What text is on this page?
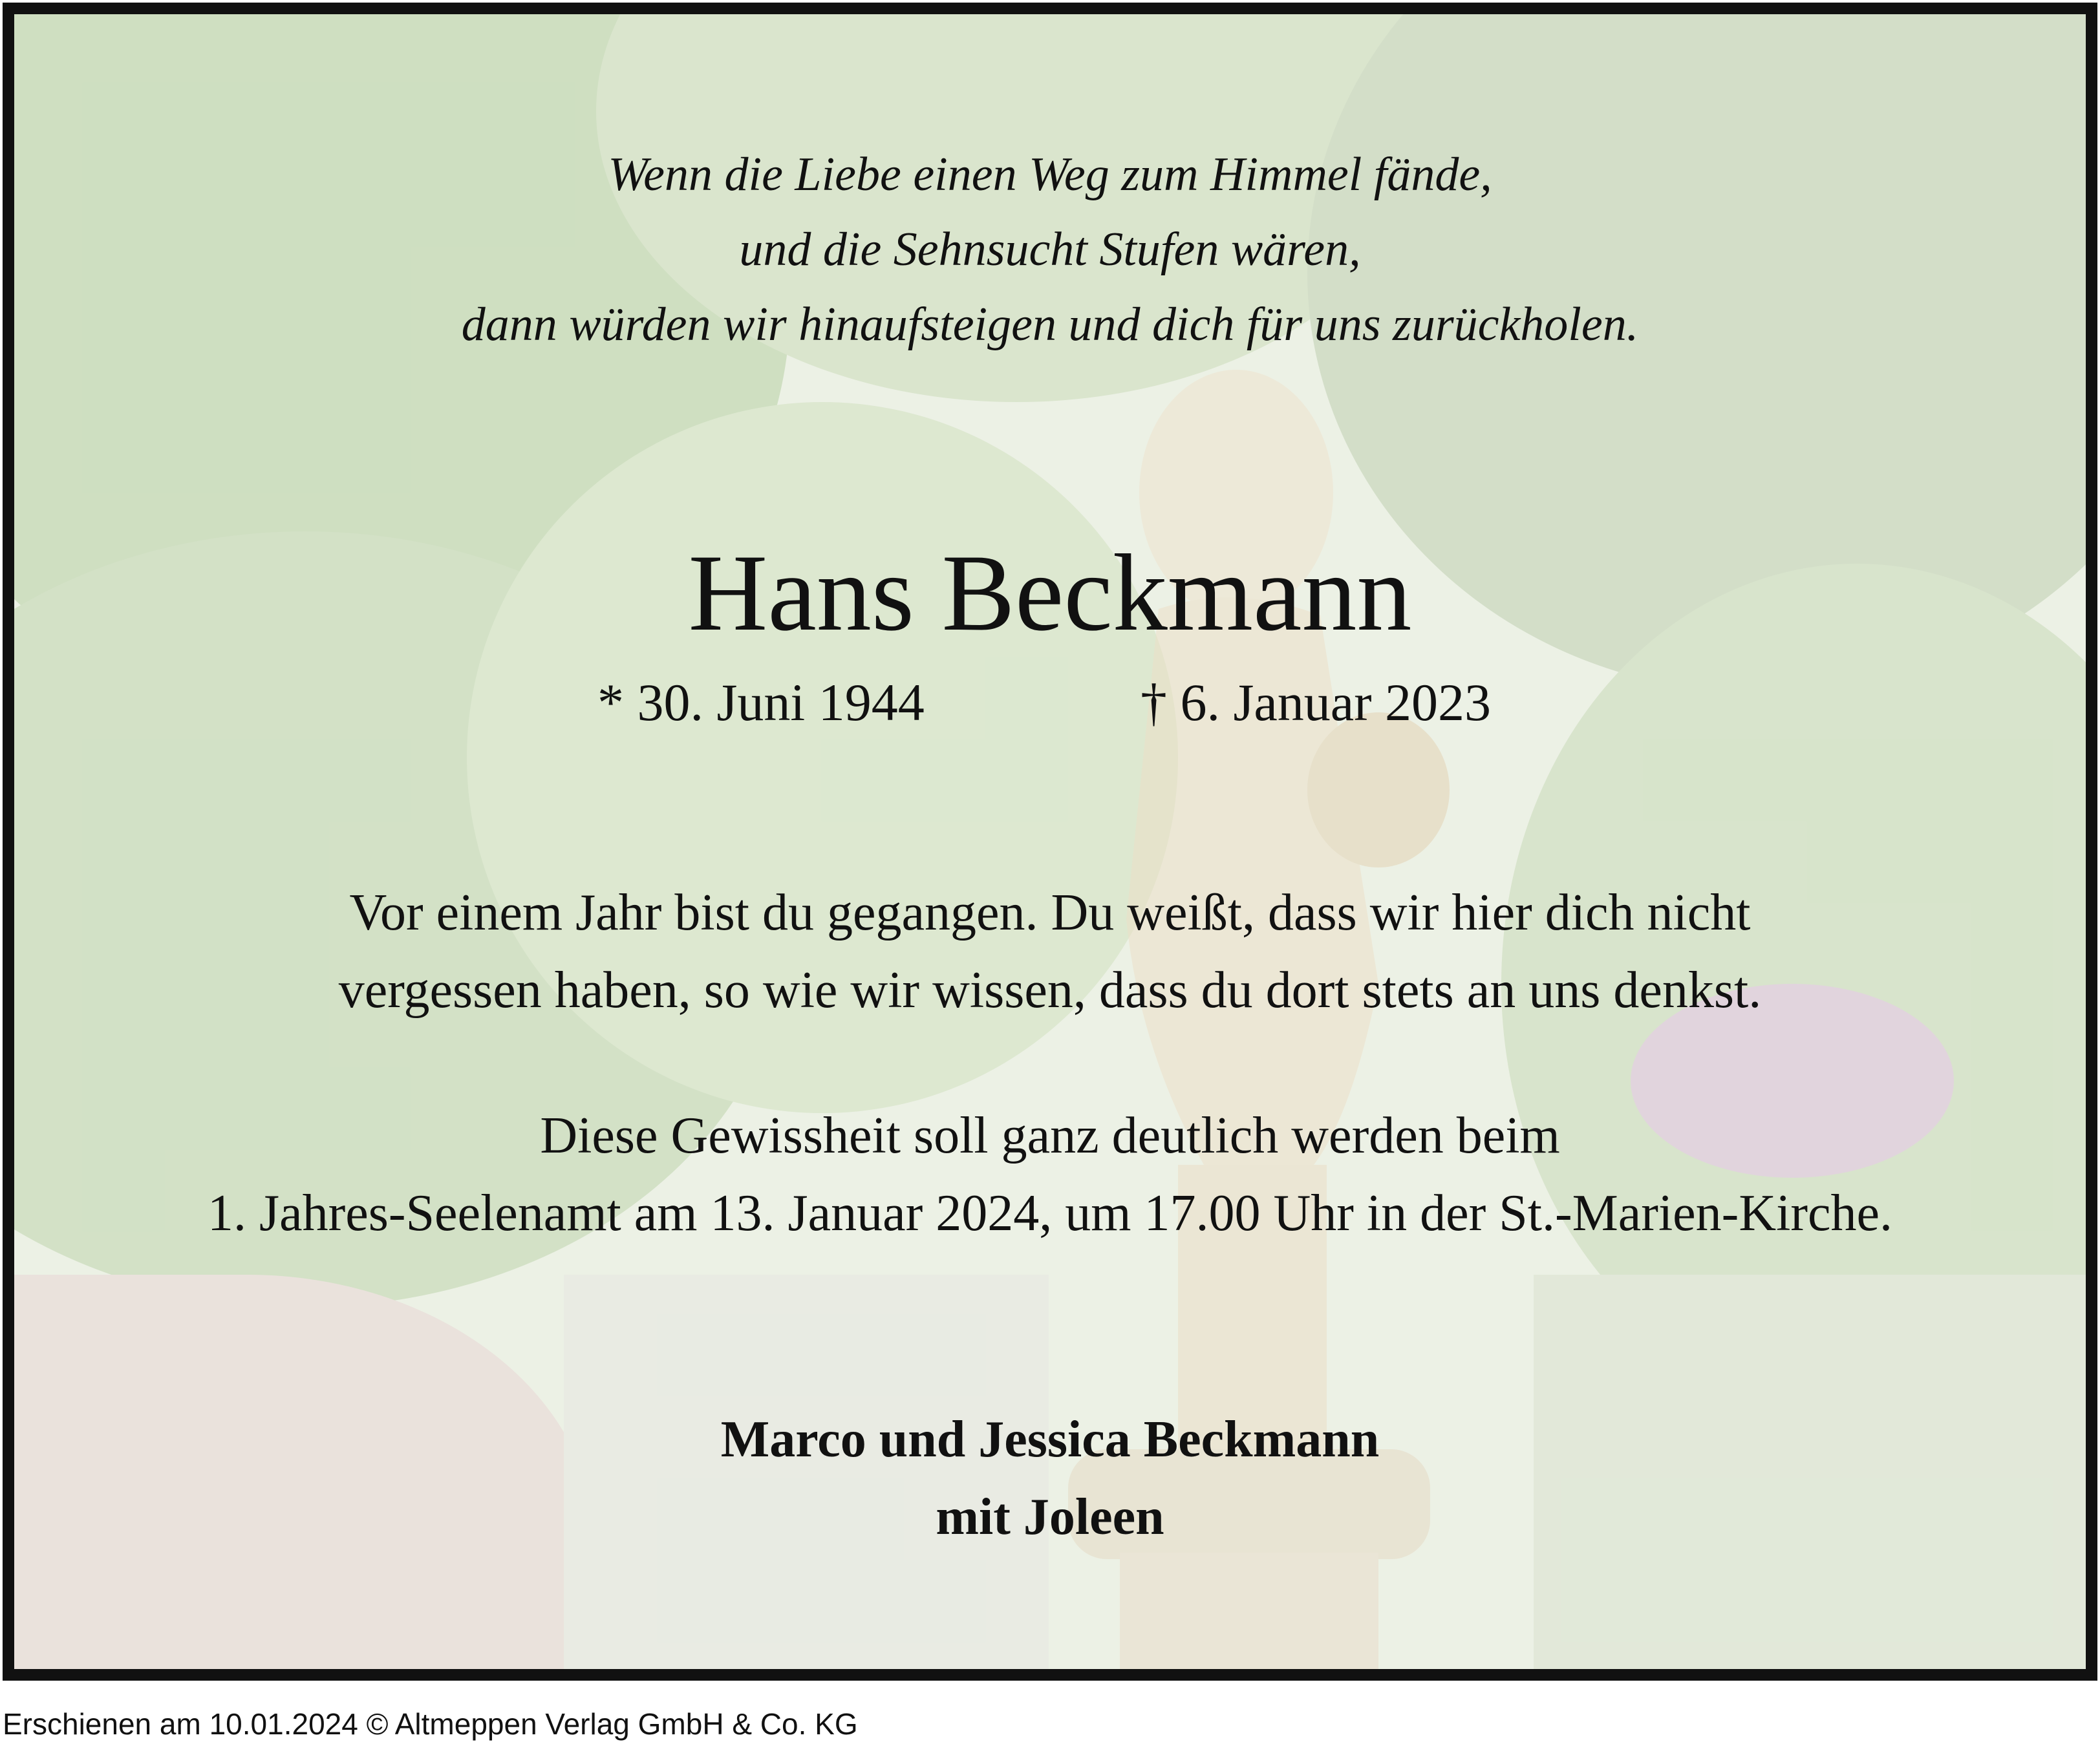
Wenn die Liebe einen Weg zum Himmel fände,
und die Sehnsucht Stufen wären,
dann würden wir hinaufsteigen und dich für uns zurückholen.
Hans Beckmann
* 30. Juni 1944	† 6. Januar 2023
Vor einem Jahr bist du gegangen. Du weißt, dass wir hier dich nicht
vergessen haben, so wie wir wissen, dass du dort stets an uns denkst.
Diese Gewissheit soll ganz deutlich werden beim
1. Jahres-Seelenamt am 13. Januar 2024, um 17.00 Uhr in der St.-Marien-Kirche.
Marco und Jessica Beckmann
mit Joleen
Erschienen am 10.01.2024 © Altmeppen Verlag GmbH & Co. KG
